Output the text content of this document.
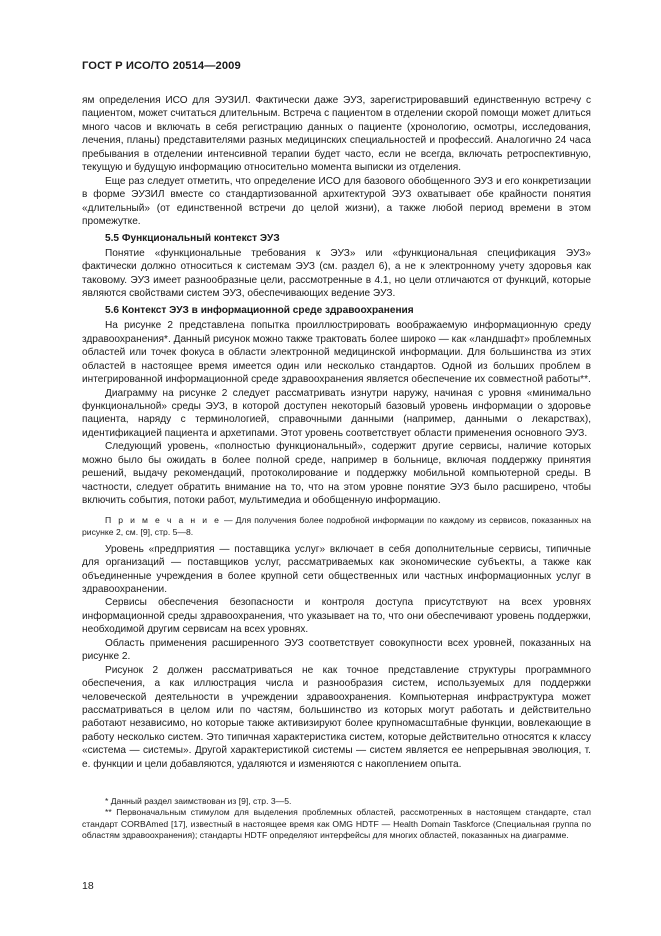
ГОСТ Р ИСО/ТО 20514—2009

ям определения ИСО для ЭУЗИЛ. Фактически даже ЭУЗ, зарегистрировавший единственную встречу с пациентом, может считаться длительным. Встреча с пациентом в отделении скорой помощи может длиться много часов и включать в себя регистрацию данных о пациенте (хронологию, осмотры, исследования, лечения, планы) представителями разных медицинских специальностей и профессий. Аналогично 24 часа пребывания в отделении интенсивной терапии будет часто, если не всегда, включать ретроспективную, текущую и будущую информацию относительно момента выписки из отделения.

Еще раз следует отметить, что определение ИСО для базового обобщенного ЭУЗ и его конкретизации в форме ЭУЗИЛ вместе со стандартизованной архитектурой ЭУЗ охватывает обе крайности понятия «длительный» (от единственной встречи до целой жизни), а также любой период времени в этом промежутке.

5.5 Функциональный контекст ЭУЗ

Понятие «функциональные требования к ЭУЗ» или «функциональная спецификация ЭУЗ» фактически должно относиться к системам ЭУЗ (см. раздел 6), а не к электронному учету здоровья как таковому. ЭУЗ имеет разнообразные цели, рассмотренные в 4.1, но цели отличаются от функций, которые являются свойствами систем ЭУЗ, обеспечивающих ведение ЭУЗ.

5.6 Контекст ЭУЗ в информационной среде здравоохранения

На рисунке 2 представлена попытка проиллюстрировать воображаемую информационную среду здравоохранения*. Данный рисунок можно также трактовать более широко — как «ландшафт» проблемных областей или точек фокуса в области электронной медицинской информации. Для большинства из этих областей в настоящее время имеется один или несколько стандартов. Одной из больших проблем в интегрированной информационной среде здравоохранения является обеспечение их совместной работы**.

Диаграмму на рисунке 2 следует рассматривать изнутри наружу, начиная с уровня «минимально функциональной» среды ЭУЗ, в которой доступен некоторый базовый уровень информации о здоровье пациента, наряду с терминологией, справочными данными (например, данными о лекарствах), идентификацией пациента и архетипами. Этот уровень соответствует области применения основного ЭУЗ.

Следующий уровень, «полностью функциональный», содержит другие сервисы, наличие которых можно было бы ожидать в более полной среде, например в больнице, включая поддержку принятия решений, выдачу рекомендаций, протоколирование и поддержку мобильной компьютерной среды. В частности, следует обратить внимание на то, что на этом уровне понятие ЭУЗ было расширено, чтобы включить события, потоки работ, мультимедиа и обобщенную информацию.

П р и м е ч а н и е — Для получения более подробной информации по каждому из сервисов, показанных на рисунке 2, см. [9], стр. 5—8.

Уровень «предприятия — поставщика услуг» включает в себя дополнительные сервисы, типичные для организаций — поставщиков услуг, рассматриваемых как экономические субъекты, а также как объединенные учреждения в более крупной сети общественных или частных информационных услуг в здравоохранении.

Сервисы обеспечения безопасности и контроля доступа присутствуют на всех уровнях информационной среды здравоохранения, что указывает на то, что они обеспечивают уровень поддержки, необходимой другим сервисам на всех уровнях.

Область применения расширенного ЭУЗ соответствует совокупности всех уровней, показанных на рисунке 2.

Рисунок 2 должен рассматриваться не как точное представление структуры программного обеспечения, а как иллюстрация числа и разнообразия систем, используемых для поддержки человеческой деятельности в учреждении здравоохранения. Компьютерная инфраструктура может рассматриваться в целом или по частям, большинство из которых могут работать и действительно работают независимо, но которые также активизируют более крупномасштабные функции, вовлекающие в работу несколько систем. Это типичная характеристика систем, которые действительно относятся к классу «система — системы». Другой характеристикой системы — систем является ее непрерывная эволюция, т. е. функции и цели добавляются, удаляются и изменяются с накоплением опыта.

* Данный раздел заимствован из [9], стр. 3—5.

** Первоначальным стимулом для выделения проблемных областей, рассмотренных в настоящем стандарте, стал стандарт CORBAmed [17], известный в настоящее время как OMG HDTF — Health Domain Taskforce (Специальная группа по областям здравоохранения); стандарты HDTF определяют интерфейсы для многих областей, показанных на диаграмме.

18
